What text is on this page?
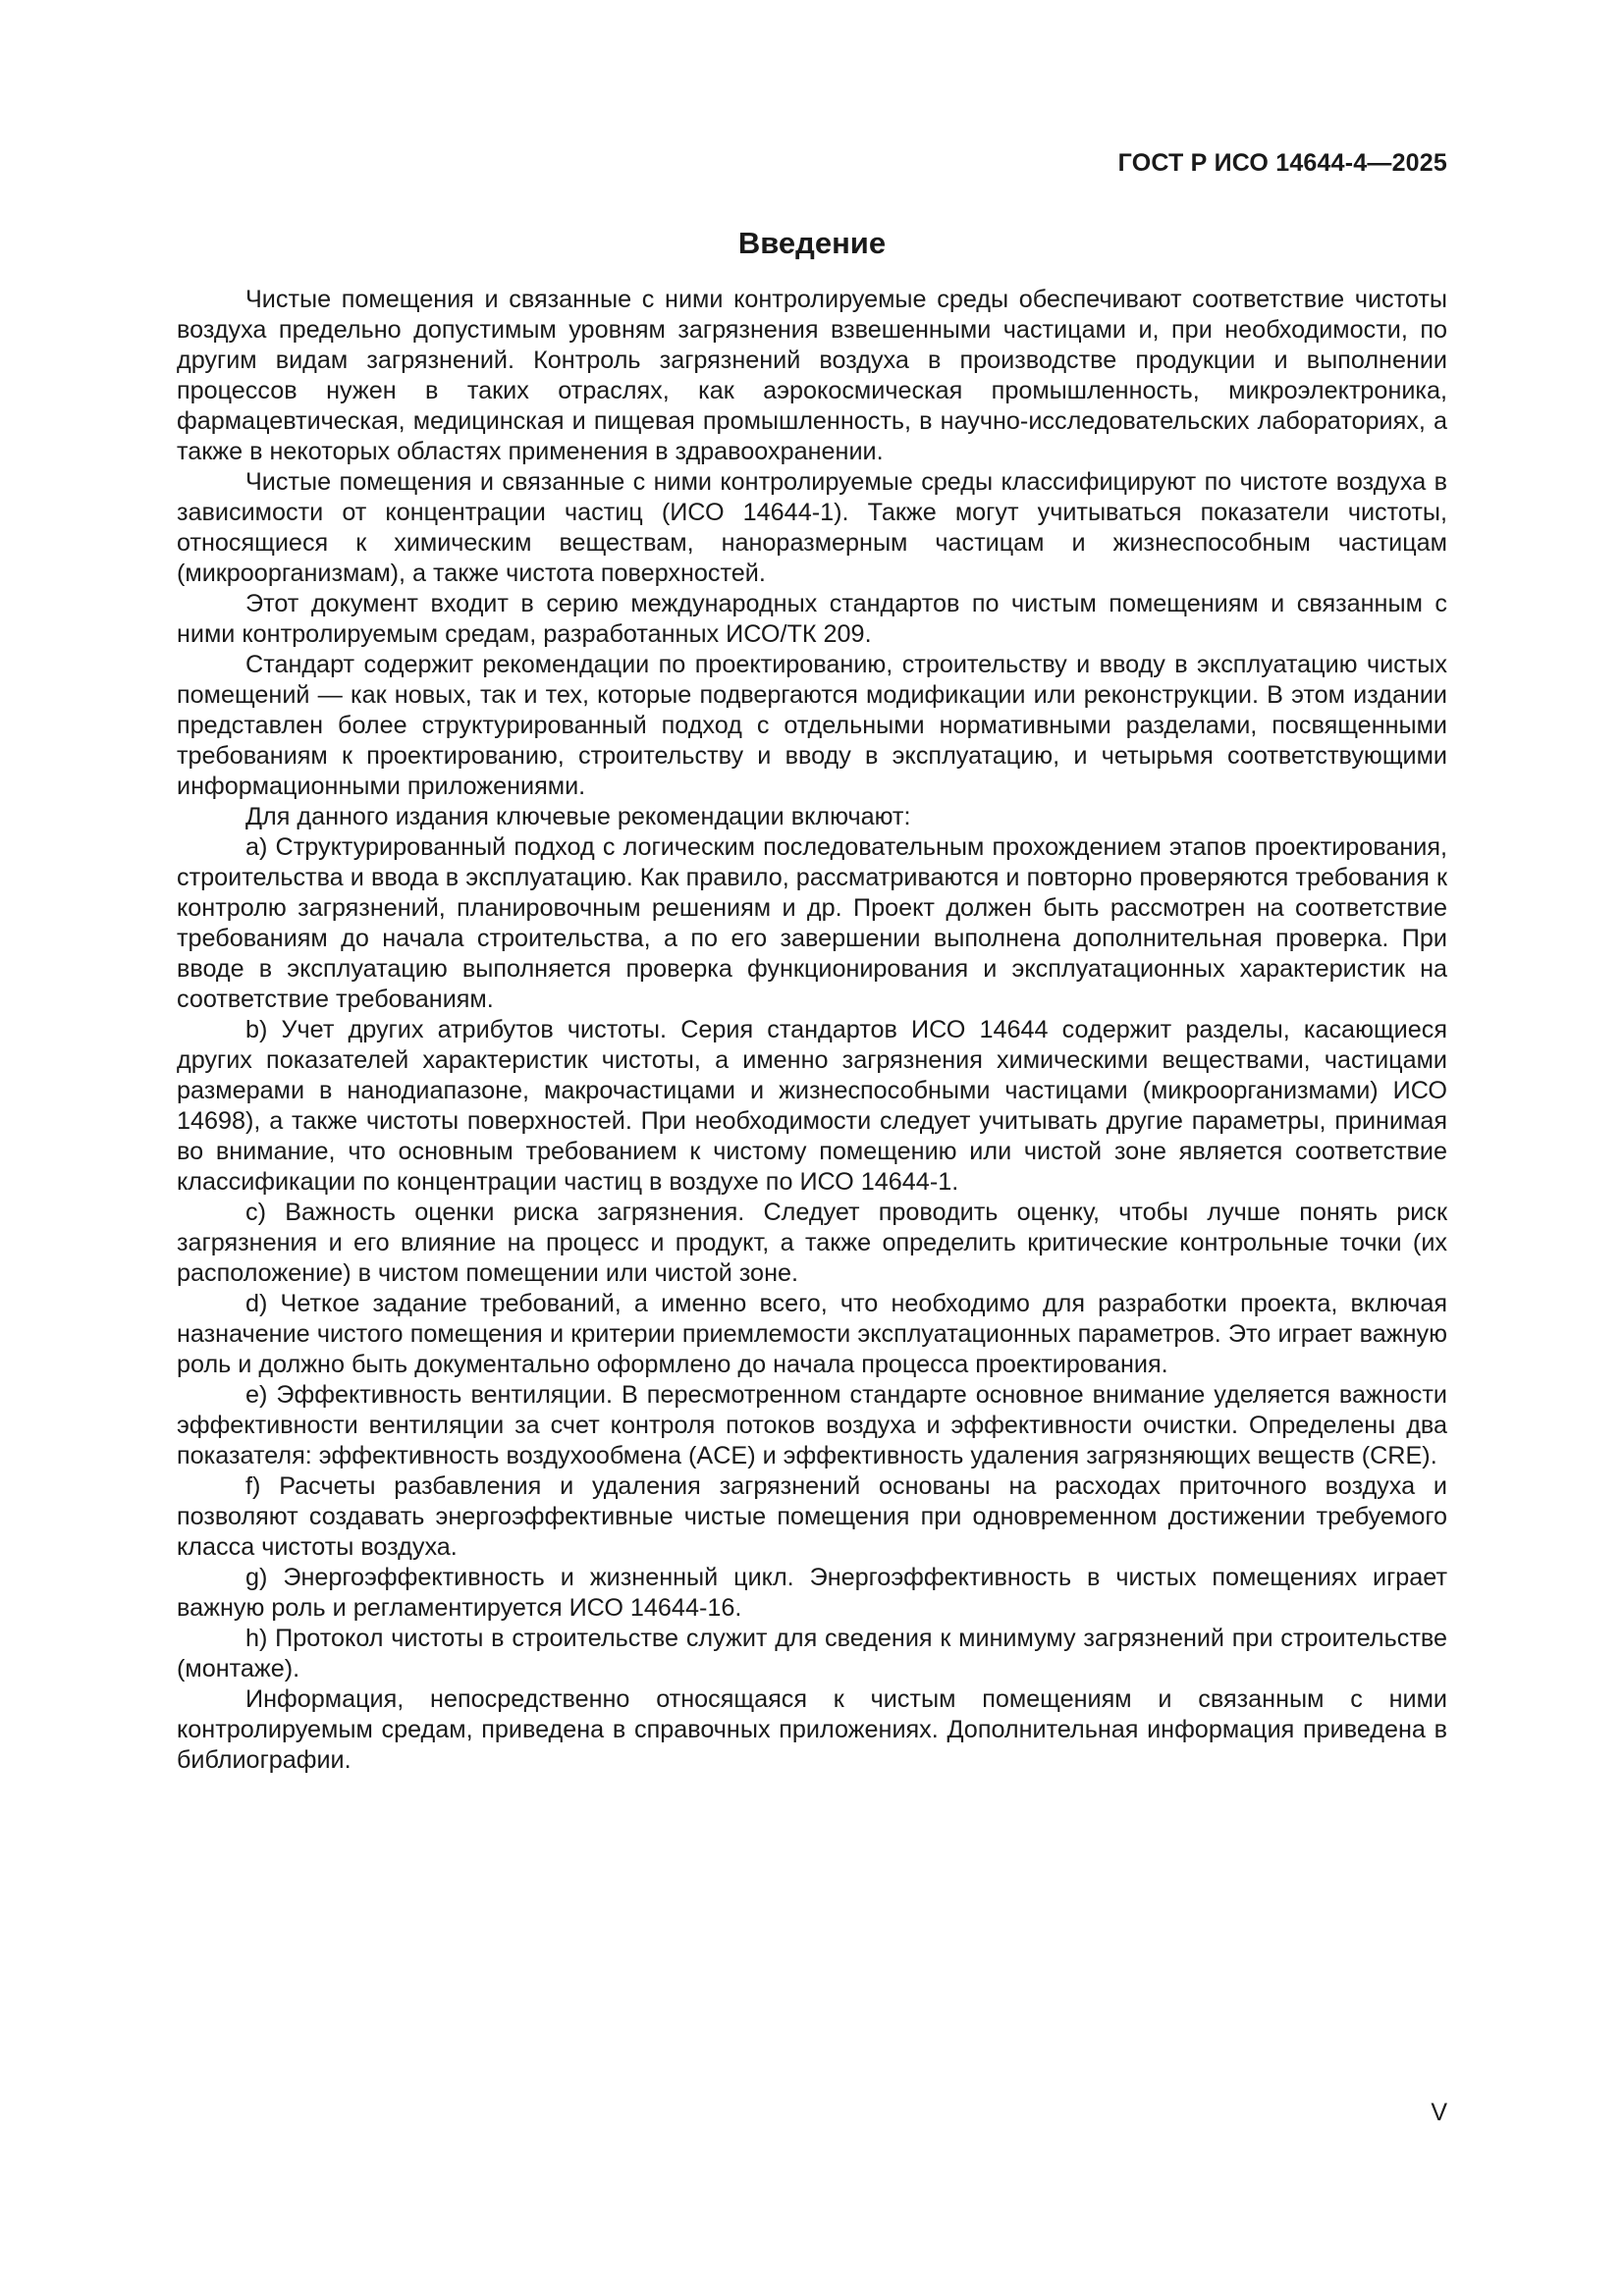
ГОСТ Р ИСО 14644-4—2025

Введение

Чистые помещения и связанные с ними контролируемые среды обеспечивают соответствие чистоты воздуха предельно допустимым уровням загрязнения взвешенными частицами и, при необходимости, по другим видам загрязнений. Контроль загрязнений воздуха в производстве продукции и выполнении процессов нужен в таких отраслях, как аэрокосмическая промышленность, микроэлектроника, фармацевтическая, медицинская и пищевая промышленность, в научно-исследовательских лабораториях, а также в некоторых областях применения в здравоохранении.

Чистые помещения и связанные с ними контролируемые среды классифицируют по чистоте воздуха в зависимости от концентрации частиц (ИСО 14644-1). Также могут учитываться показатели чистоты, относящиеся к химическим веществам, наноразмерным частицам и жизнеспособным частицам (микроорганизмам), а также чистота поверхностей.

Этот документ входит в серию международных стандартов по чистым помещениям и связанным с ними контролируемым средам, разработанных ИСО/ТК 209.

Стандарт содержит рекомендации по проектированию, строительству и вводу в эксплуатацию чистых помещений — как новых, так и тех, которые подвергаются модификации или реконструкции. В этом издании представлен более структурированный подход с отдельными нормативными разделами, посвященными требованиям к проектированию, строительству и вводу в эксплуатацию, и четырьмя соответствующими информационными приложениями.

Для данного издания ключевые рекомендации включают:

a) Структурированный подход с логическим последовательным прохождением этапов проектирования, строительства и ввода в эксплуатацию. Как правило, рассматриваются и повторно проверяются требования к контролю загрязнений, планировочным решениям и др. Проект должен быть рассмотрен на соответствие требованиям до начала строительства, а по его завершении выполнена дополнительная проверка. При вводе в эксплуатацию выполняется проверка функционирования и эксплуатационных характеристик на соответствие требованиям.

b) Учет других атрибутов чистоты. Серия стандартов ИСО 14644 содержит разделы, касающиеся других показателей характеристик чистоты, а именно загрязнения химическими веществами, частицами размерами в нанодиапазоне, макрочастицами и жизнеспособными частицами (микроорганизмами) ИСО 14698), а также чистоты поверхностей. При необходимости следует учитывать другие параметры, принимая во внимание, что основным требованием к чистому помещению или чистой зоне является соответствие классификации по концентрации частиц в воздухе по ИСО 14644-1.

c) Важность оценки риска загрязнения. Следует проводить оценку, чтобы лучше понять риск загрязнения и его влияние на процесс и продукт, а также определить критические контрольные точки (их расположение) в чистом помещении или чистой зоне.

d) Четкое задание требований, а именно всего, что необходимо для разработки проекта, включая назначение чистого помещения и критерии приемлемости эксплуатационных параметров. Это играет важную роль и должно быть документально оформлено до начала процесса проектирования.

e) Эффективность вентиляции. В пересмотренном стандарте основное внимание уделяется важности эффективности вентиляции за счет контроля потоков воздуха и эффективности очистки. Определены два показателя: эффективность воздухообмена (ACE) и эффективность удаления загрязняющих веществ (CRE).

f) Расчеты разбавления и удаления загрязнений основаны на расходах приточного воздуха и позволяют создавать энергоэффективные чистые помещения при одновременном достижении требуемого класса чистоты воздуха.

g) Энергоэффективность и жизненный цикл. Энергоэффективность в чистых помещениях играет важную роль и регламентируется ИСО 14644-16.

h) Протокол чистоты в строительстве служит для сведения к минимуму загрязнений при строительстве (монтаже).

Информация, непосредственно относящаяся к чистым помещениям и связанным с ними контролируемым средам, приведена в справочных приложениях. Дополнительная информация приведена в библиографии.

V
